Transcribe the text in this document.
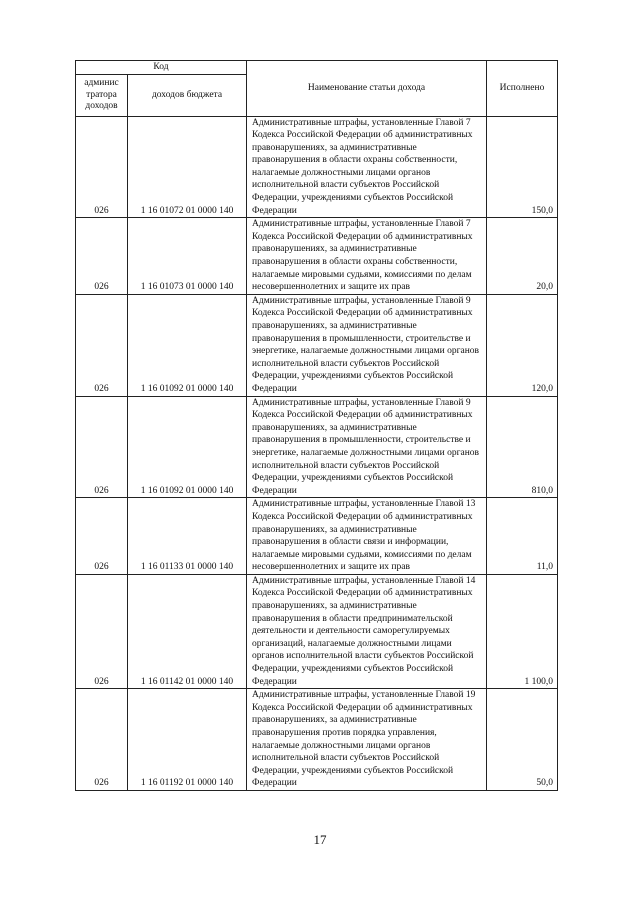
Код		Наименование статьи дохода	Исполнено
админис тратора доходов	доходов бюджета		
026	1 16 01072 01 0000 140	Административные штрафы, установленные Главой 7 Кодекса Российской Федерации об административных правонарушениях, за административные правонарушения в области охраны собственности, налагаемые должностными лицами органов исполнительной власти субъектов Российской Федерации, учреждениями субъектов Российской Федерации	150,0
026	1 16 01073 01 0000 140	Административные штрафы, установленные Главой 7 Кодекса Российской Федерации об административных правонарушениях, за административные правонарушения в области охраны собственности, налагаемые мировыми судьями, комиссиями по делам несовершеннолетних и защите их прав	20,0
026	1 16 01092 01 0000 140	Административные штрафы, установленные Главой 9 Кодекса Российской Федерации об административных правонарушениях, за административные правонарушения в промышленности, строительстве и энергетике, налагаемые должностными лицами органов исполнительной власти субъектов Российской Федерации, учреждениями субъектов Российской Федерации	120,0
026	1 16 01092 01 0000 140	Административные штрафы, установленные Главой 9 Кодекса Российской Федерации об административных правонарушениях, за административные правонарушения в промышленности, строительстве и энергетике, налагаемые должностными лицами органов исполнительной власти субъектов Российской Федерации, учреждениями субъектов Российской Федерации	810,0
026	1 16 01133 01 0000 140	Административные штрафы, установленные Главой 13 Кодекса Российской Федерации об административных правонарушениях, за административные правонарушения в области связи и информации, налагаемые мировыми судьями, комиссиями по делам несовершеннолетних и защите их прав	11,0
026	1 16 01142 01 0000 140	Административные штрафы, установленные Главой 14 Кодекса Российской Федерации об административных правонарушениях, за административные правонарушения в области предпринимательской деятельности и деятельности саморегулируемых организаций, налагаемые должностными лицами органов исполнительной власти субъектов Российской Федерации, учреждениями субъектов Российской Федерации	1 100,0
026	1 16 01192 01 0000 140	Административные штрафы, установленные Главой 19 Кодекса Российской Федерации об административных правонарушениях, за административные правонарушения против порядка управления, налагаемые должностными лицами органов исполнительной власти субъектов Российской Федерации, учреждениями субъектов Российской Федерации	50,0
17
